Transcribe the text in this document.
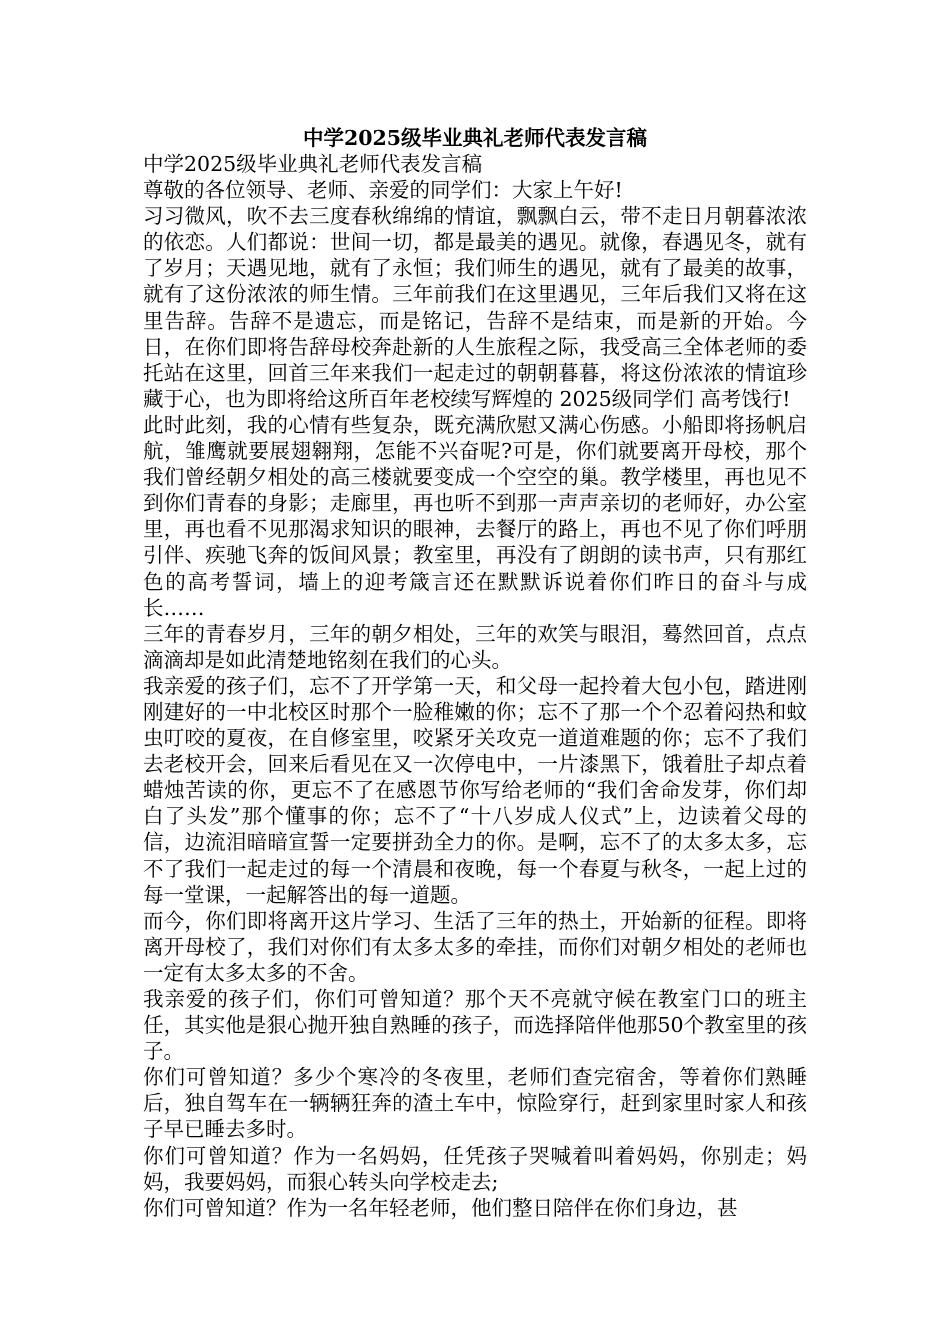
中学2025级毕业典礼老师代表发言稿

中学2025级毕业典礼老师代表发言稿

尊敬的各位领导、老师、亲爱的同学们：大家上午好!

习习微风，吹不去三度春秋绵绵的情谊，飘飘白云，带不走日月朝暮浓浓的依恋。人们都说：世间一切，都是最美的遇见。就像，春遇见冬，就有了岁月；天遇见地，就有了永恒；我们师生的遇见，就有了最美的故事，就有了这份浓浓的师生情。三年前我们在这里遇见，三年后我们又将在这里告辞。告辞不是遗忘，而是铭记，告辞不是结束，而是新的开始。今日，在你们即将告辞母校奔赴新的人生旅程之际，我受高三全体老师的委托站在这里，回首三年来我们一起走过的朝朝暮暮，将这份浓浓的情谊珍藏于心，也为即将给这所百年老校续写辉煌的 2025级同学们 高考饯行!

此时此刻，我的心情有些复杂，既充满欣慰又满心伤感。小船即将扬帆启航，雏鹰就要展翅翱翔，怎能不兴奋呢?可是，你们就要离开母校，那个我们曾经朝夕相处的高三楼就要变成一个空空的巢。教学楼里，再也见不到你们青春的身影；走廊里，再也听不到那一声声亲切的老师好，办公室里，再也看不见那渴求知识的眼神，去餐厅的路上，再也不见了你们呼朋引伴、疾驰飞奔的饭间风景；教室里，再没有了朗朗的读书声，只有那红色的高考誓词，墙上的迎考箴言还在默默诉说着你们昨日的奋斗与成长……

三年的青春岁月，三年的朝夕相处，三年的欢笑与眼泪，蓦然回首，点点滴滴却是如此清楚地铭刻在我们的心头。

我亲爱的孩子们，忘不了开学第一天，和父母一起拎着大包小包，踏进刚刚建好的一中北校区时那个一脸稚嫩的你；忘不了那一个个忍着闷热和蚊虫叮咬的夏夜，在自修室里，咬紧牙关攻克一道道难题的你；忘不了我们去老校开会，回来后看见在又一次停电中，一片漆黑下，饿着肚子却点着蜡烛苦读的你，更忘不了在感恩节你写给老师的“我们舍命发芽，你们却白了头发”那个懂事的你；忘不了“十八岁成人仪式”上，边读着父母的信，边流泪暗暗宣誓一定要拼劲全力的你。是啊，忘不了的太多太多，忘不了我们一起走过的每一个清晨和夜晚，每一个春夏与秋冬，一起上过的每一堂课，一起解答出的每一道题。

而今，你们即将离开这片学习、生活了三年的热土，开始新的征程。即将离开母校了，我们对你们有太多太多的牵挂，而你们对朝夕相处的老师也一定有太多太多的不舍。

我亲爱的孩子们，你们可曾知道？那个天不亮就守候在教室门口的班主任，其实他是狠心抛开独自熟睡的孩子，而选择陪伴他那50个教室里的孩子。

你们可曾知道？多少个寒冷的冬夜里，老师们查完宿舍，等着你们熟睡后，独自驾车在一辆辆狂奔的渣土车中，惊险穿行，赶到家里时家人和孩子早已睡去多时。

你们可曾知道？作为一名妈妈，任凭孩子哭喊着叫着妈妈，你别走；妈妈，我要妈妈，而狠心转头向学校走去;

你们可曾知道？作为一名年轻老师，他们整日陪伴在你们身边，甚
